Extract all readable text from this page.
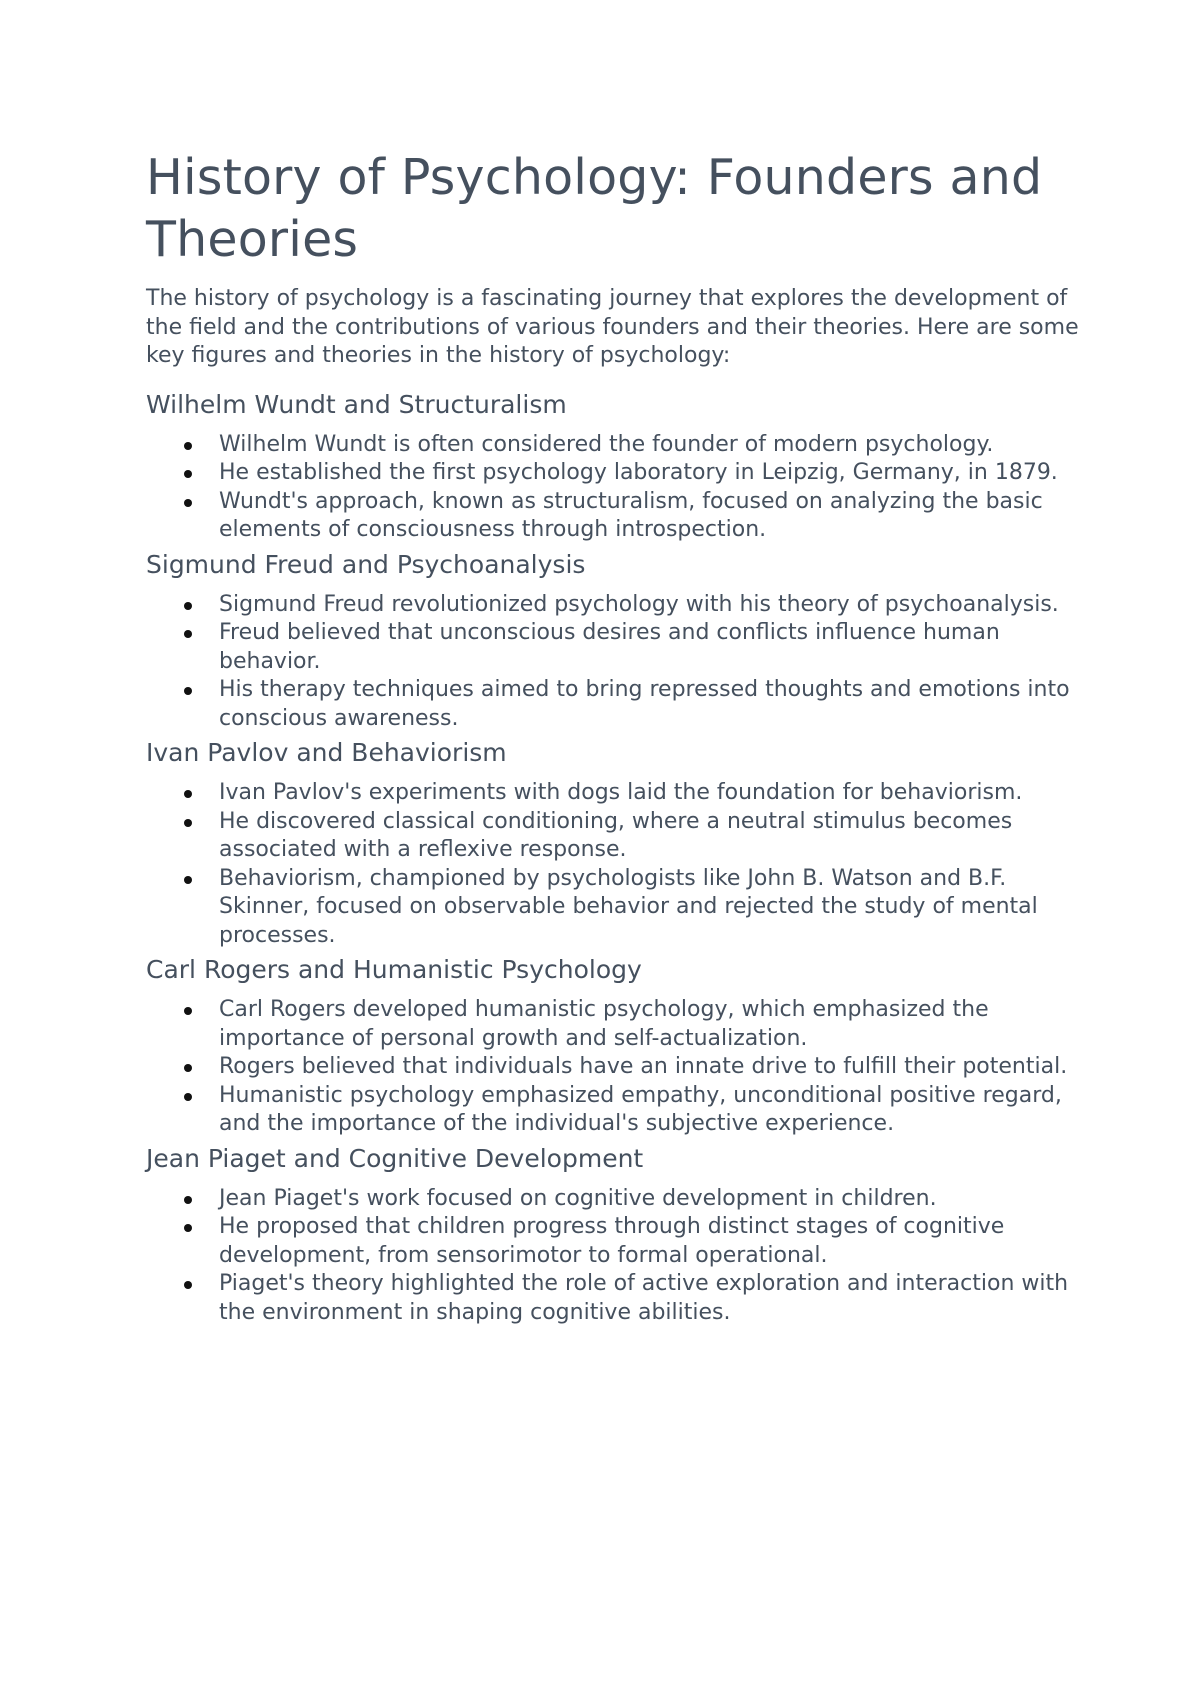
History of Psychology: Founders and Theories

The history of psychology is a fascinating journey that explores the development of the field and the contributions of various founders and their theories. Here are some key figures and theories in the history of psychology:

Wilhelm Wundt and Structuralism
Wilhelm Wundt is often considered the founder of modern psychology.
He established the first psychology laboratory in Leipzig, Germany, in 1879.
Wundt's approach, known as structuralism, focused on analyzing the basic elements of consciousness through introspection.
Sigmund Freud and Psychoanalysis
Sigmund Freud revolutionized psychology with his theory of psychoanalysis.
Freud believed that unconscious desires and conflicts influence human behavior.
His therapy techniques aimed to bring repressed thoughts and emotions into conscious awareness.
Ivan Pavlov and Behaviorism
Ivan Pavlov's experiments with dogs laid the foundation for behaviorism.
He discovered classical conditioning, where a neutral stimulus becomes associated with a reflexive response.
Behaviorism, championed by psychologists like John B. Watson and B.F. Skinner, focused on observable behavior and rejected the study of mental processes.
Carl Rogers and Humanistic Psychology
Carl Rogers developed humanistic psychology, which emphasized the importance of personal growth and self-actualization.
Rogers believed that individuals have an innate drive to fulfill their potential.
Humanistic psychology emphasized empathy, unconditional positive regard, and the importance of the individual's subjective experience.
Jean Piaget and Cognitive Development
Jean Piaget's work focused on cognitive development in children.
He proposed that children progress through distinct stages of cognitive development, from sensorimotor to formal operational.
Piaget's theory highlighted the role of active exploration and interaction with the environment in shaping cognitive abilities.
